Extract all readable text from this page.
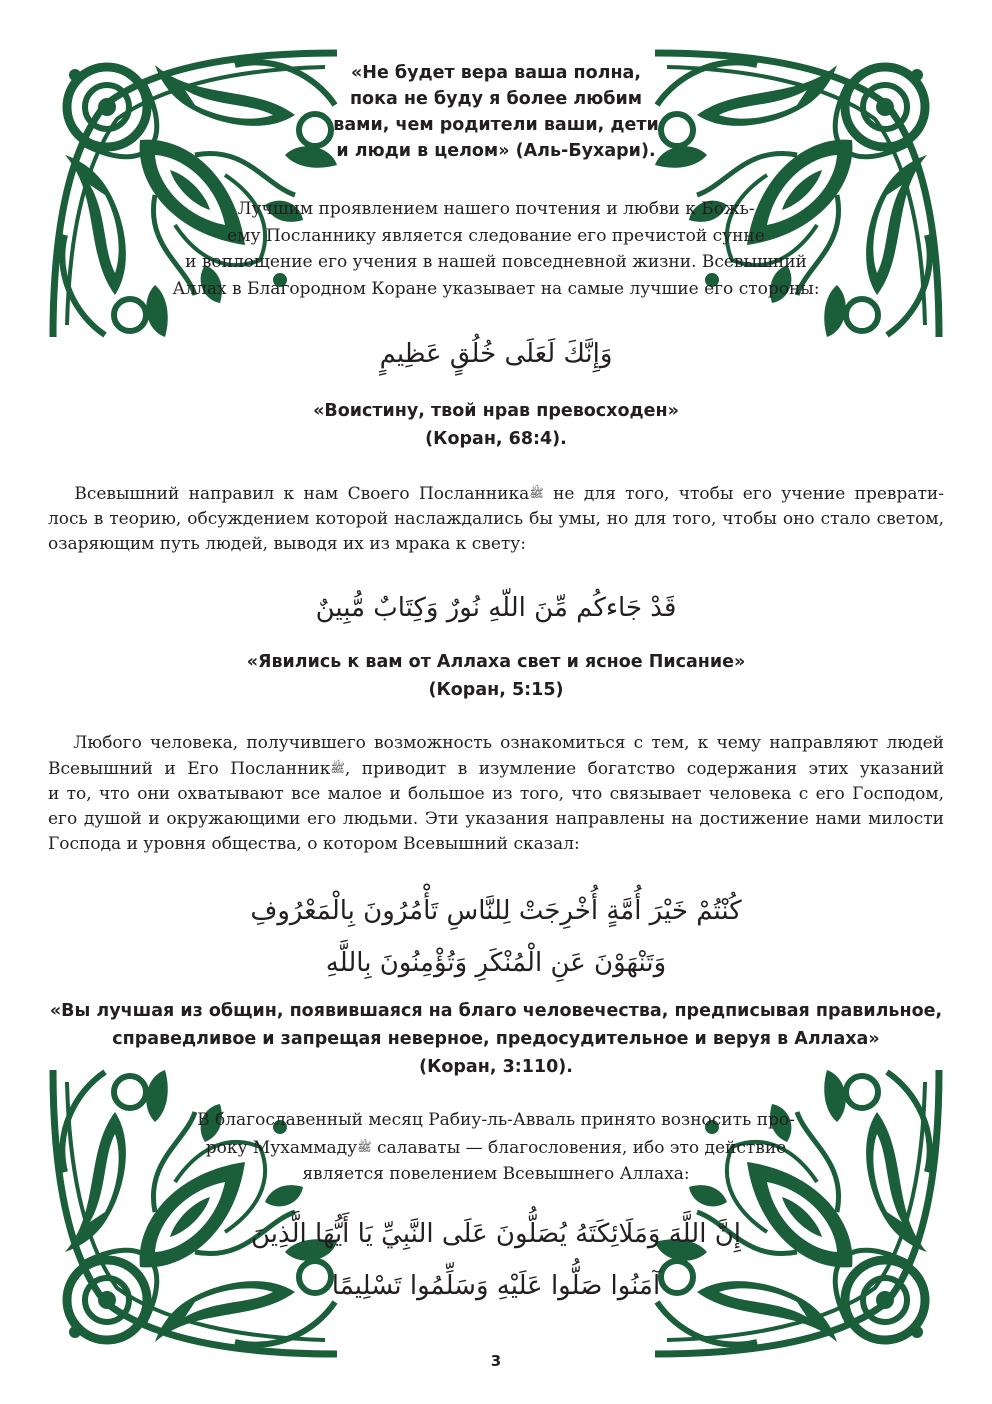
«Не будет вера ваша полна,
пока не буду я более любим
вами, чем родители ваши, дети
и люди в целом» (Аль-Бухари).
Лучшим проявлением нашего почтения и любви к Божь-
ему Посланнику является следование его пречистой сунне
и воплощение его учения в нашей повседневной жизни. Всевышний
Аллах в Благородном Коране указывает на самые лучшие его стороны:
وَإِنَّكَ لَعَلَى خُلُقٍ عَظِيمٍ
«Воистину, твой нрав превосходен»
(Коран, 68:4).
  Всевышний направил к нам Своего Посланникаﷺ не для того, чтобы его учение преврати-
лось в теорию, обсуждением которой наслаждались бы умы, но для того, чтобы оно стало светом,
озаряющим путь людей, выводя их из мрака к свету:
قَدْ جَاءكُم مِّنَ اللّهِ نُورٌ وَكِتَابٌ مُّبِينٌ
«Явились к вам от Аллаха свет и ясное Писание»
(Коран, 5:15)
  Любого человека, получившего возможность ознакомиться с тем, к чему направляют людей
Всевышний и Его Посланникﷺ, приводит в изумление богатство содержания этих указаний
и то, что они охватывают все малое и большое из того, что связывает человека с его Господом,
его душой и окружающими его людьми. Эти указания направлены на достижение нами милости
Господа и уровня общества, о котором Всевышний сказал:
كُنْتُمْ خَيْرَ أُمَّةٍ أُخْرِجَتْ لِلنَّاسِ تَأْمُرُونَ بِالْمَعْرُوفِ
وَتَنْهَوْنَ عَنِ الْمُنْكَرِ وَتُؤْمِنُونَ بِاللَّهِ
«Вы лучшая из общин, появившаяся на благо человечества, предписывая правильное,
справедливое и запрещая неверное, предосудительное и веруя в Аллаха»
(Коран, 3:110).
В благославенный месяц Рабиу-ль-Авваль принято возносить про-
року Мухаммадуﷺ салаваты — благословения, ибо это действие
является повелением Всевышнего Аллаха:
إِنَّ اللَّهَ وَمَلَائِكَتَهُ يُصَلُّونَ عَلَى النَّبِيِّ يَا أَيُّهَا الَّذِينَ
آمَنُوا صَلُّوا عَلَيْهِ وَسَلِّمُوا تَسْلِيمًا
3
